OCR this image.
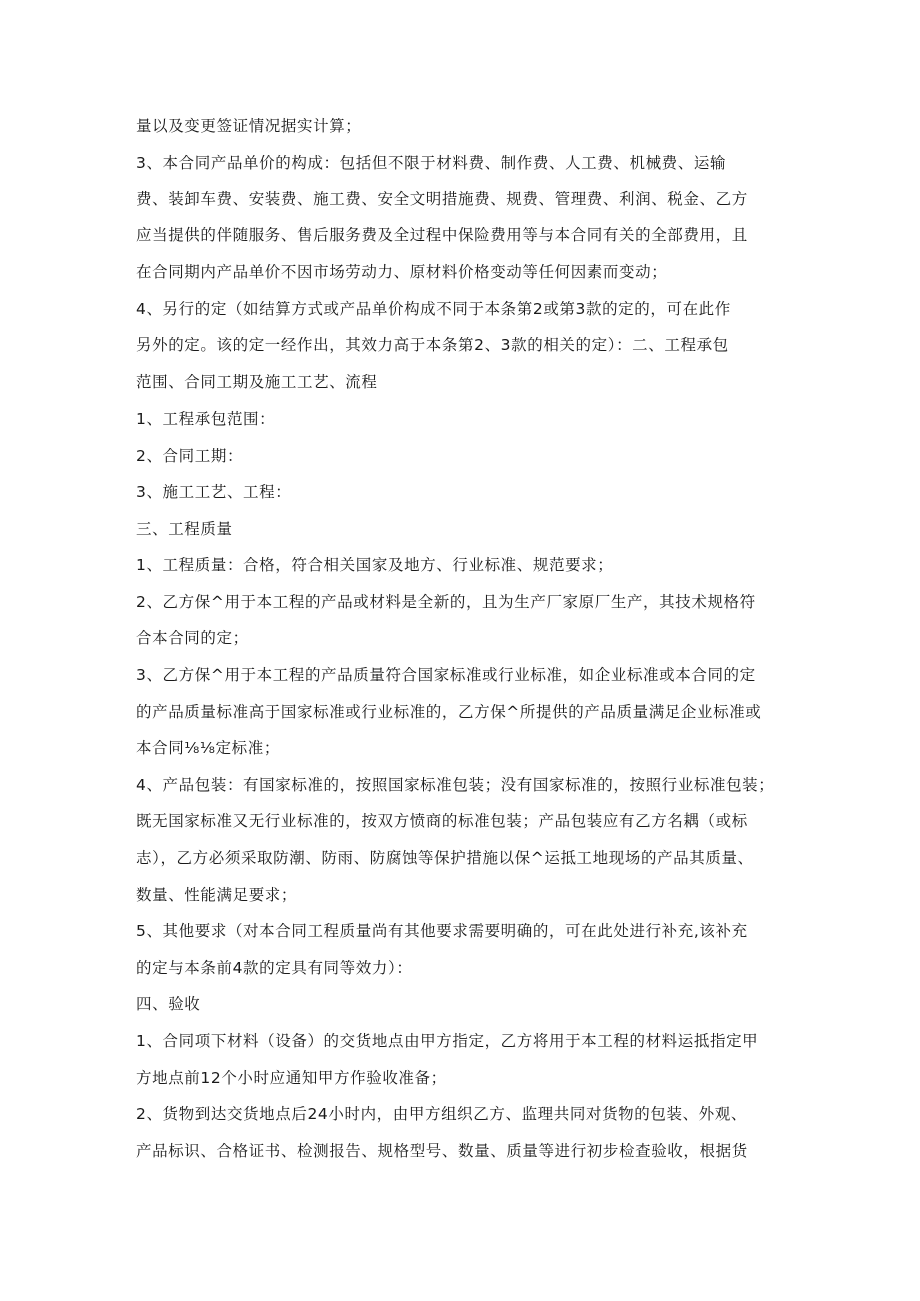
量以及变更签证情况据实计算；
3、本合同产品单价的构成：包括但不限于材料费、制作费、人工费、机械费、运输
费、装卸车费、安装费、施工费、安全文明措施费、规费、管理费、利润、税金、乙方
应当提供的伴随服务、售后服务费及全过程中保险费用等与本合同有关的全部费用，且
在合同期内产品单价不因市场劳动力、原材料价格变动等任何因素而变动；
4、另行的定（如结算方式或产品单价构成不同于本条第2或第3款的定的，可在此作
另外的定。该的定一经作出，其效力高于本条第2、3款的相关的定）：二、工程承包
范围、合同工期及施工工艺、流程
1、工程承包范围：
2、合同工期：
3、施工工艺、工程：
三、工程质量
1、工程质量：合格，符合相关国家及地方、行业标准、规范要求；
2、乙方保^用于本工程的产品或材料是全新的，且为生产厂家原厂生产，其技术规格符
合本合同的定；
3、乙方保^用于本工程的产品质量符合国家标准或行业标准，如企业标准或本合同的定
的产品质量标准高于国家标准或行业标准的，乙方保^所提供的产品质量满足企业标准或
本合同⅛⅛定标准；
4、产品包装：有国家标准的，按照国家标准包装；没有国家标准的，按照行业标准包装；
既无国家标准又无行业标准的，按双方愤商的标准包装；产品包装应有乙方名耦（或标
志），乙方必须采取防潮、防雨、防腐蚀等保护措施以保^运抵工地现场的产品其质量、
数量、性能满足要求；
5、其他要求（对本合同工程质量尚有其他要求需要明确的，可在此处进行补充,该补充
的定与本条前4款的定具有同等效力）：
四、验收
1、合同项下材料（设备）的交货地点由甲方指定，乙方将用于本工程的材料运抵指定甲
方地点前12个小时应通知甲方作验收准备；
2、货物到达交货地点后24小时内，由甲方组织乙方、监理共同对货物的包装、外观、
产品标识、合格证书、检测报告、规格型号、数量、质量等进行初步检查验收，根据货
